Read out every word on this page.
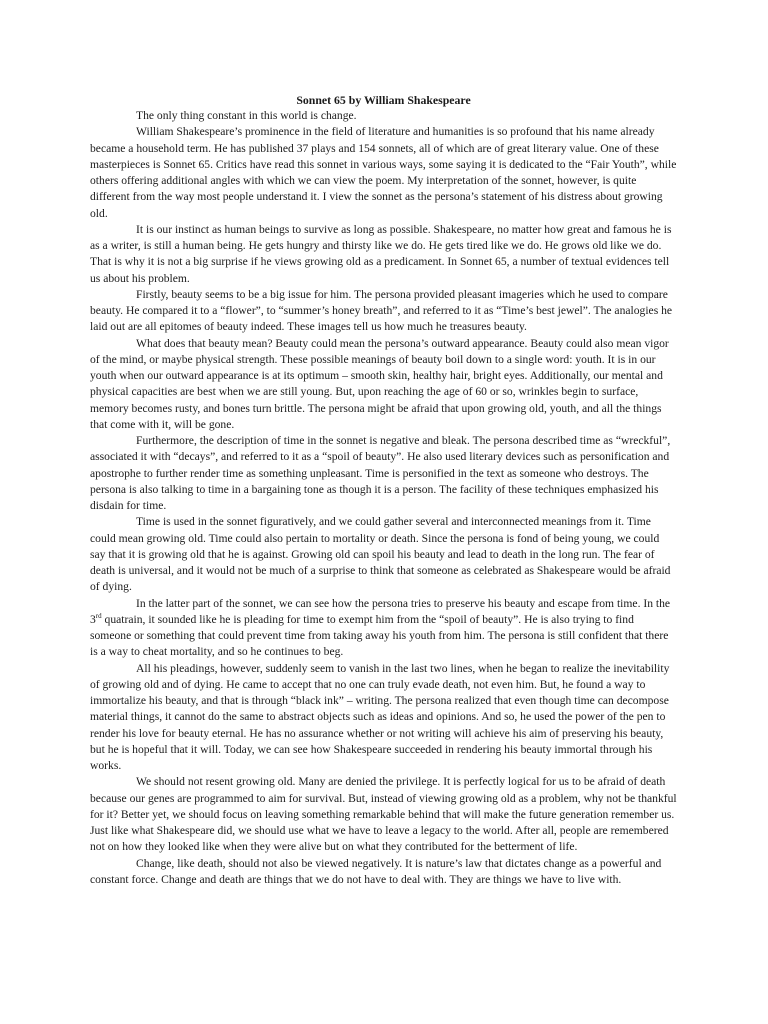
Sonnet 65 by William Shakespeare

The only thing constant in this world is change.

William Shakespeare’s prominence in the field of literature and humanities is so profound that his name already became a household term. He has published 37 plays and 154 sonnets, all of which are of great literary value. One of these masterpieces is Sonnet 65. Critics have read this sonnet in various ways, some saying it is dedicated to the “Fair Youth”, while others offering additional angles with which we can view the poem. My interpretation of the sonnet, however, is quite different from the way most people understand it. I view the sonnet as the persona’s statement of his distress about growing old.

It is our instinct as human beings to survive as long as possible. Shakespeare, no matter how great and famous he is as a writer, is still a human being. He gets hungry and thirsty like we do. He gets tired like we do. He grows old like we do. That is why it is not a big surprise if he views growing old as a predicament. In Sonnet 65, a number of textual evidences tell us about his problem.

Firstly, beauty seems to be a big issue for him. The persona provided pleasant imageries which he used to compare beauty. He compared it to a “flower”, to “summer’s honey breath”, and referred to it as “Time’s best jewel”. The analogies he laid out are all epitomes of beauty indeed. These images tell us how much he treasures beauty.

What does that beauty mean? Beauty could mean the persona’s outward appearance. Beauty could also mean vigor of the mind, or maybe physical strength. These possible meanings of beauty boil down to a single word: youth. It is in our youth when our outward appearance is at its optimum – smooth skin, healthy hair, bright eyes. Additionally, our mental and physical capacities are best when we are still young. But, upon reaching the age of 60 or so, wrinkles begin to surface, memory becomes rusty, and bones turn brittle. The persona might be afraid that upon growing old, youth, and all the things that come with it, will be gone.

Furthermore, the description of time in the sonnet is negative and bleak. The persona described time as “wreckful”, associated it with “decays”, and referred to it as a “spoil of beauty”. He also used literary devices such as personification and apostrophe to further render time as something unpleasant. Time is personified in the text as someone who destroys. The persona is also talking to time in a bargaining tone as though it is a person. The facility of these techniques emphasized his disdain for time.

Time is used in the sonnet figuratively, and we could gather several and interconnected meanings from it. Time could mean growing old. Time could also pertain to mortality or death. Since the persona is fond of being young, we could say that it is growing old that he is against. Growing old can spoil his beauty and lead to death in the long run. The fear of death is universal, and it would not be much of a surprise to think that someone as celebrated as Shakespeare would be afraid of dying.

In the latter part of the sonnet, we can see how the persona tries to preserve his beauty and escape from time. In the 3rd quatrain, it sounded like he is pleading for time to exempt him from the “spoil of beauty”. He is also trying to find someone or something that could prevent time from taking away his youth from him. The persona is still confident that there is a way to cheat mortality, and so he continues to beg.

All his pleadings, however, suddenly seem to vanish in the last two lines, when he began to realize the inevitability of growing old and of dying. He came to accept that no one can truly evade death, not even him. But, he found a way to immortalize his beauty, and that is through “black ink” – writing. The persona realized that even though time can decompose material things, it cannot do the same to abstract objects such as ideas and opinions. And so, he used the power of the pen to render his love for beauty eternal. He has no assurance whether or not writing will achieve his aim of preserving his beauty, but he is hopeful that it will. Today, we can see how Shakespeare succeeded in rendering his beauty immortal through his works.

We should not resent growing old. Many are denied the privilege. It is perfectly logical for us to be afraid of death because our genes are programmed to aim for survival. But, instead of viewing growing old as a problem, why not be thankful for it? Better yet, we should focus on leaving something remarkable behind that will make the future generation remember us. Just like what Shakespeare did, we should use what we have to leave a legacy to the world. After all, people are remembered not on how they looked like when they were alive but on what they contributed for the betterment of life.

Change, like death, should not also be viewed negatively. It is nature’s law that dictates change as a powerful and constant force. Change and death are things that we do not have to deal with. They are things we have to live with.
